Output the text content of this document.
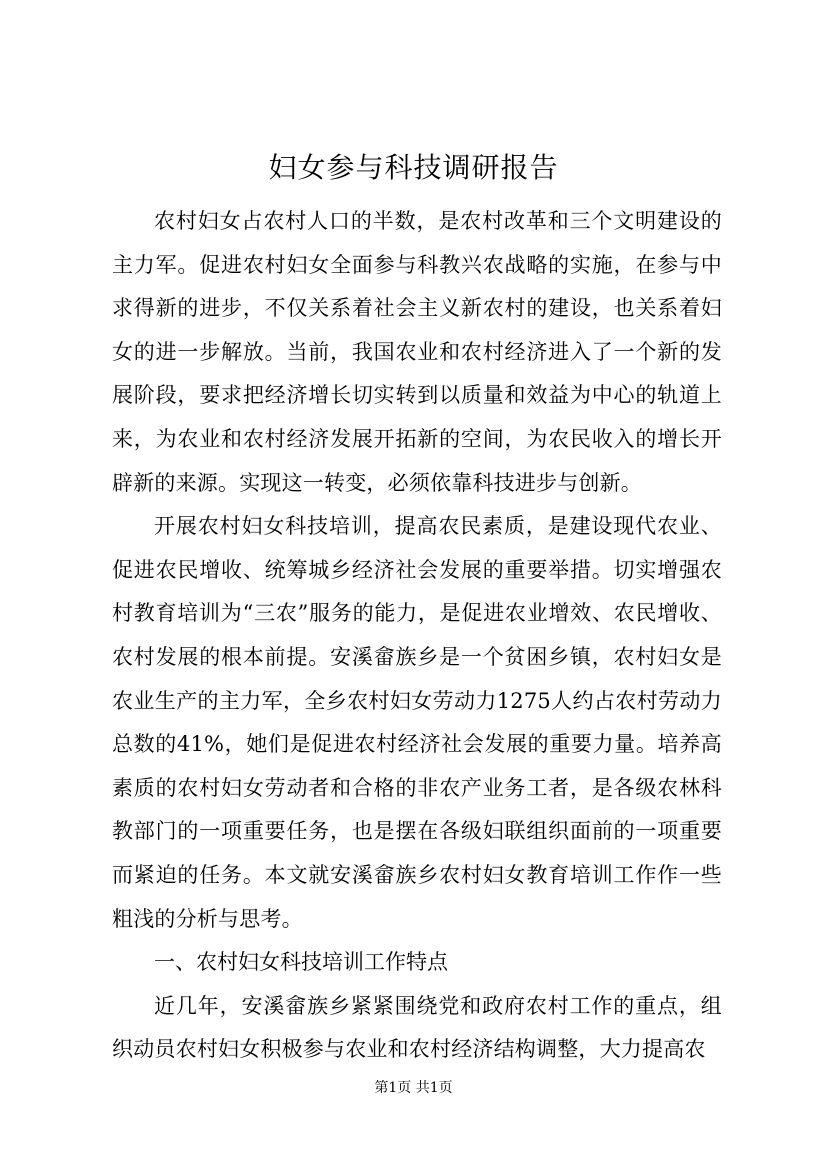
妇女参与科技调研报告

农村妇女占农村人口的半数，是农村改革和三个文明建设的主力军。促进农村妇女全面参与科教兴农战略的实施，在参与中求得新的进步，不仅关系着社会主义新农村的建设，也关系着妇女的进一步解放。当前，我国农业和农村经济进入了一个新的发展阶段，要求把经济增长切实转到以质量和效益为中心的轨道上来，为农业和农村经济发展开拓新的空间，为农民收入的增长开辟新的来源。实现这一转变，必须依靠科技进步与创新。

开展农村妇女科技培训，提高农民素质，是建设现代农业、促进农民增收、统筹城乡经济社会发展的重要举措。切实增强农村教育培训为“三农”服务的能力，是促进农业增效、农民增收、农村发展的根本前提。安溪畲族乡是一个贫困乡镇，农村妇女是农业生产的主力军，全乡农村妇女劳动力1275人约占农村劳动力总数的41%，她们是促进农村经济社会发展的重要力量。培养高素质的农村妇女劳动者和合格的非农产业务工者，是各级农林科教部门的一项重要任务，也是摆在各级妇联组织面前的一项重要而紧迫的任务。本文就安溪畲族乡农村妇女教育培训工作作一些粗浅的分析与思考。

一、农村妇女科技培训工作特点

近几年，安溪畲族乡紧紧围绕党和政府农村工作的重点，组织动员农村妇女积极参与农业和农村经济结构调整，大力提高农

第1页 共1页
